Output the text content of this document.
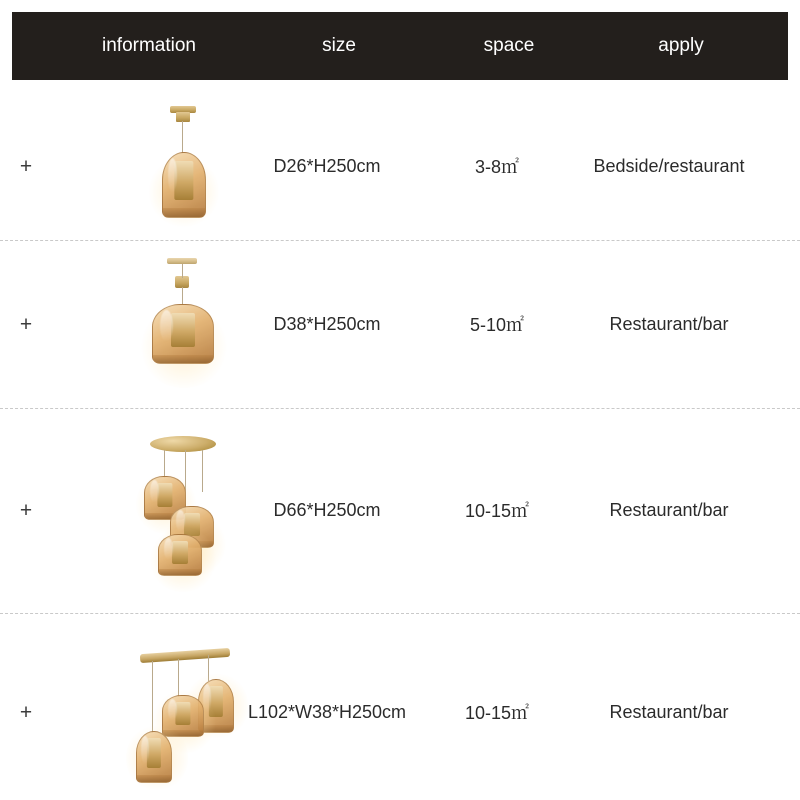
information	size	space	apply
+	D26*H250cm	3-8㎡	Bedside/restaurant
+	D38*H250cm	5-10㎡	Restaurant/bar
+	D66*H250cm	10-15㎡	Restaurant/bar
+	L102*W38*H250cm	10-15㎡	Restaurant/bar
